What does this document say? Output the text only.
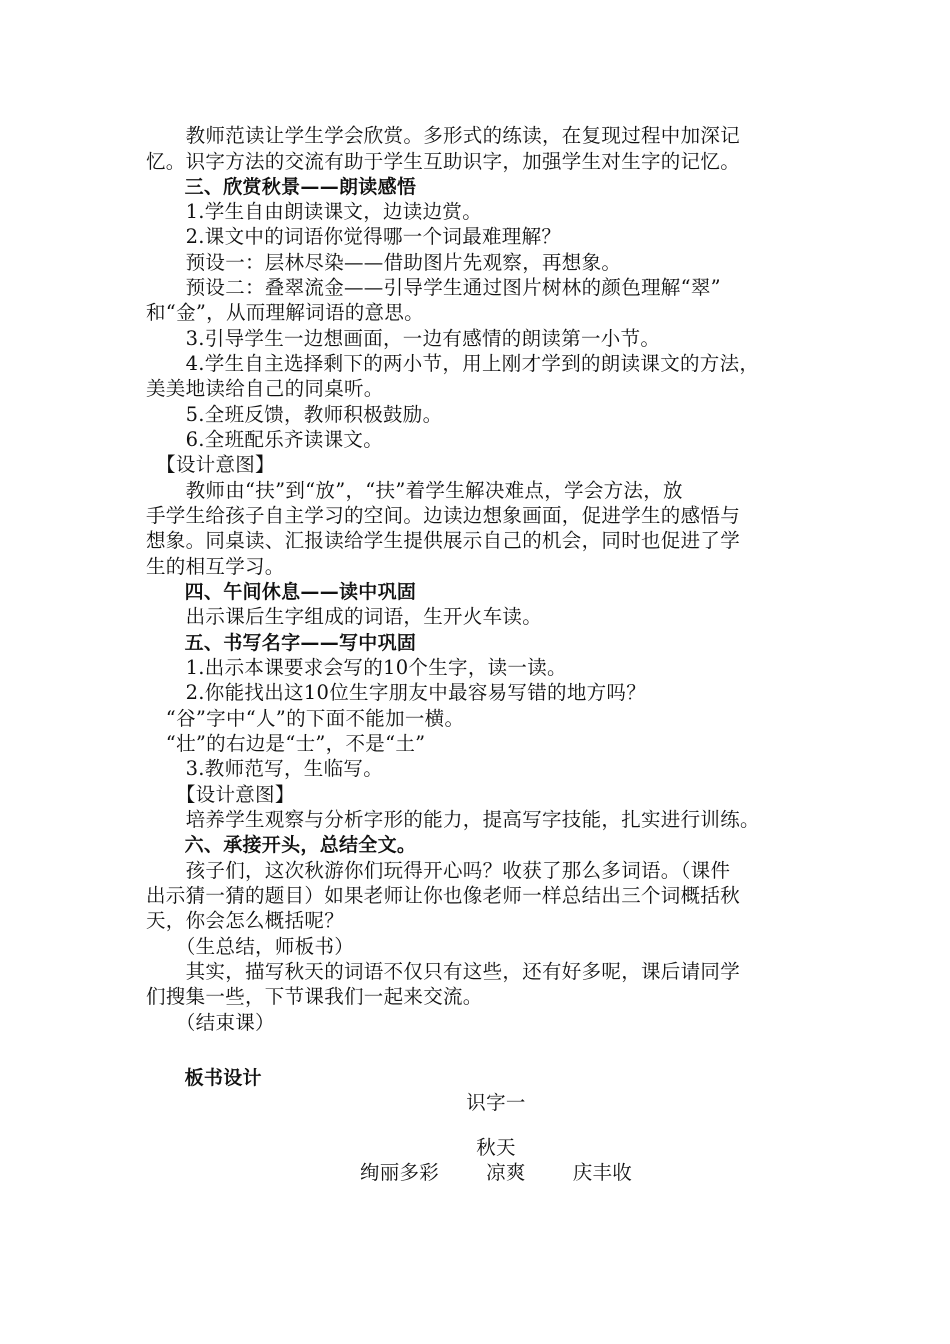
　　教师范读让学生学会欣赏。多形式的练读，在复现过程中加深记
忆。识字方法的交流有助于学生互助识字，加强学生对生字的记忆。
　　三、欣赏秋景——朗读感悟
　　1.学生自由朗读课文，边读边赏。
　　2.课文中的词语你觉得哪一个词最难理解？
　　预设一：层林尽染——借助图片先观察，再想象。
　　预设二：叠翠流金——引导学生通过图片树林的颜色理解“翠”
和“金”，从而理解词语的意思。
　　3.引导学生一边想画面，一边有感情的朗读第一小节。
　　4.学生自主选择剩下的两小节，用上刚才学到的朗读课文的方法，
美美地读给自己的同桌听。
　　5.全班反馈，教师积极鼓励。
　　6.全班配乐齐读课文。
　【设计意图】
　　教师由“扶”到“放”，“扶”着学生解决难点，学会方法，放
手学生给孩子自主学习的空间。边读边想象画面，促进学生的感悟与
想象。同桌读、汇报读给学生提供展示自己的机会，同时也促进了学
生的相互学习。
　　四、午间休息——读中巩固
　　出示课后生字组成的词语，生开火车读。
　　五、书写名字——写中巩固
　　1.出示本课要求会写的10个生字，读一读。
　　2.你能找出这10位生字朋友中最容易写错的地方吗？
　“谷”字中“人”的下面不能加一横。
　“壮”的右边是“士”，不是“土”
　　3.教师范写，生临写。
　　【设计意图】
　　培养学生观察与分析字形的能力，提高写字技能，扎实进行训练。
　　六、承接开头，总结全文。
　　孩子们，这次秋游你们玩得开心吗？收获了那么多词语。（课件
出示猜一猜的题目）如果老师让你也像老师一样总结出三个词概括秋
天，你会怎么概括呢？
　　（生总结，师板书）
　　其实，描写秋天的词语不仅只有这些，还有好多呢，课后请同学
们搜集一些，下节课我们一起来交流。
　　（结束课）
　　板书设计
识字一
秋天
绚丽多彩 凉爽 庆丰收
